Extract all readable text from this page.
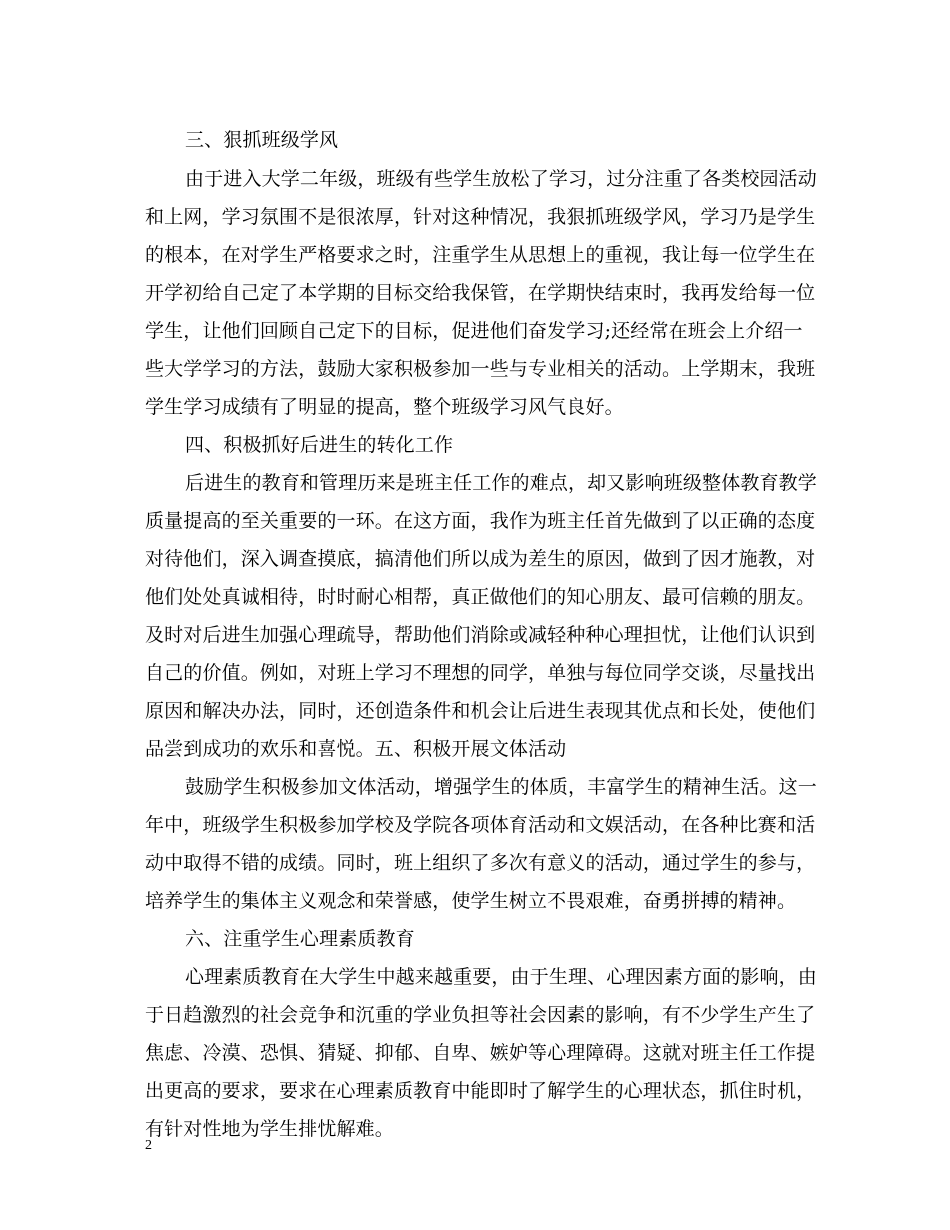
三、狠抓班级学风
由于进入大学二年级，班级有些学生放松了学习，过分注重了各类校园活动
和上网，学习氛围不是很浓厚，针对这种情况，我狠抓班级学风，学习乃是学生
的根本，在对学生严格要求之时，注重学生从思想上的重视，我让每一位学生在
开学初给自己定了本学期的目标交给我保管，在学期快结束时，我再发给每一位
学生，让他们回顾自己定下的目标，促进他们奋发学习;还经常在班会上介绍一
些大学学习的方法，鼓励大家积极参加一些与专业相关的活动。上学期末，我班
学生学习成绩有了明显的提高，整个班级学习风气良好。
四、积极抓好后进生的转化工作
后进生的教育和管理历来是班主任工作的难点，却又影响班级整体教育教学
质量提高的至关重要的一环。在这方面，我作为班主任首先做到了以正确的态度
对待他们，深入调查摸底，搞清他们所以成为差生的原因，做到了因才施教，对
他们处处真诚相待，时时耐心相帮，真正做他们的知心朋友、最可信赖的朋友。
及时对后进生加强心理疏导，帮助他们消除或减轻种种心理担忧，让他们认识到
自己的价值。例如，对班上学习不理想的同学，单独与每位同学交谈，尽量找出
原因和解决办法，同时，还创造条件和机会让后进生表现其优点和长处，使他们
品尝到成功的欢乐和喜悦。五、积极开展文体活动
鼓励学生积极参加文体活动，增强学生的体质，丰富学生的精神生活。这一
年中，班级学生积极参加学校及学院各项体育活动和文娱活动，在各种比赛和活
动中取得不错的成绩。同时，班上组织了多次有意义的活动，通过学生的参与，
培养学生的集体主义观念和荣誉感，使学生树立不畏艰难，奋勇拼搏的精神。
六、注重学生心理素质教育
心理素质教育在大学生中越来越重要，由于生理、心理因素方面的影响，由
于日趋激烈的社会竞争和沉重的学业负担等社会因素的影响，有不少学生产生了
焦虑、冷漠、恐惧、猜疑、抑郁、自卑、嫉妒等心理障碍。这就对班主任工作提
出更高的要求，要求在心理素质教育中能即时了解学生的心理状态，抓住时机，
有针对性地为学生排忧解难。
2
